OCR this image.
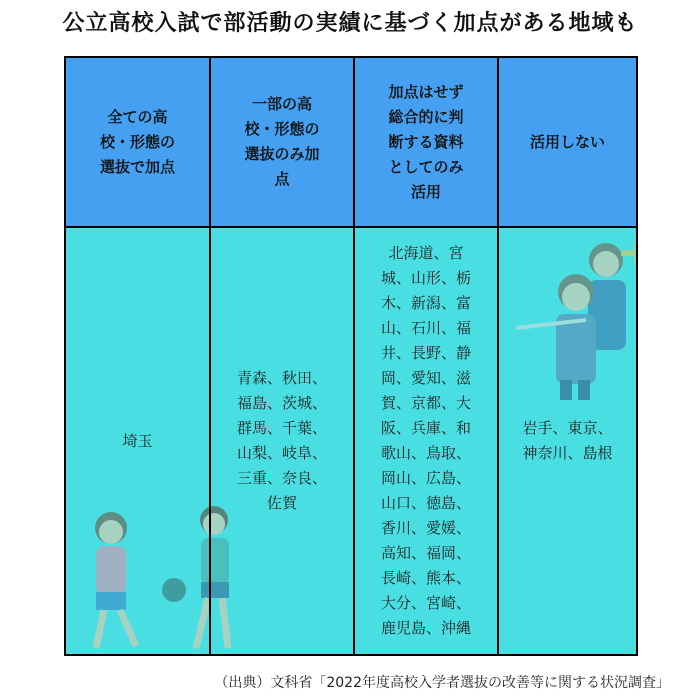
公立高校入試で部活動の実績に基づく加点がある地域も
全ての高
校・形態の
選抜で加点
一部の高
校・形態の
選抜のみ加
点
加点はせず
総合的に判
断する資料
としてのみ
活用
活用しない
埼玉
青森、秋田、
福島、茨城、
群馬、千葉、
山梨、岐阜、
三重、奈良、
佐賀
北海道、宮
城、山形、栃
木、新潟、富
山、石川、福
井、長野、静
岡、愛知、滋
賀、京都、大
阪、兵庫、和
歌山、鳥取、
岡山、広島、
山口、徳島、
香川、愛媛、
高知、福岡、
長崎、熊本、
大分、宮崎、
鹿児島、沖縄
岩手、東京、
神奈川、島根
（出典）文科省「2022年度高校入学者選抜の改善等に関する状況調査」
